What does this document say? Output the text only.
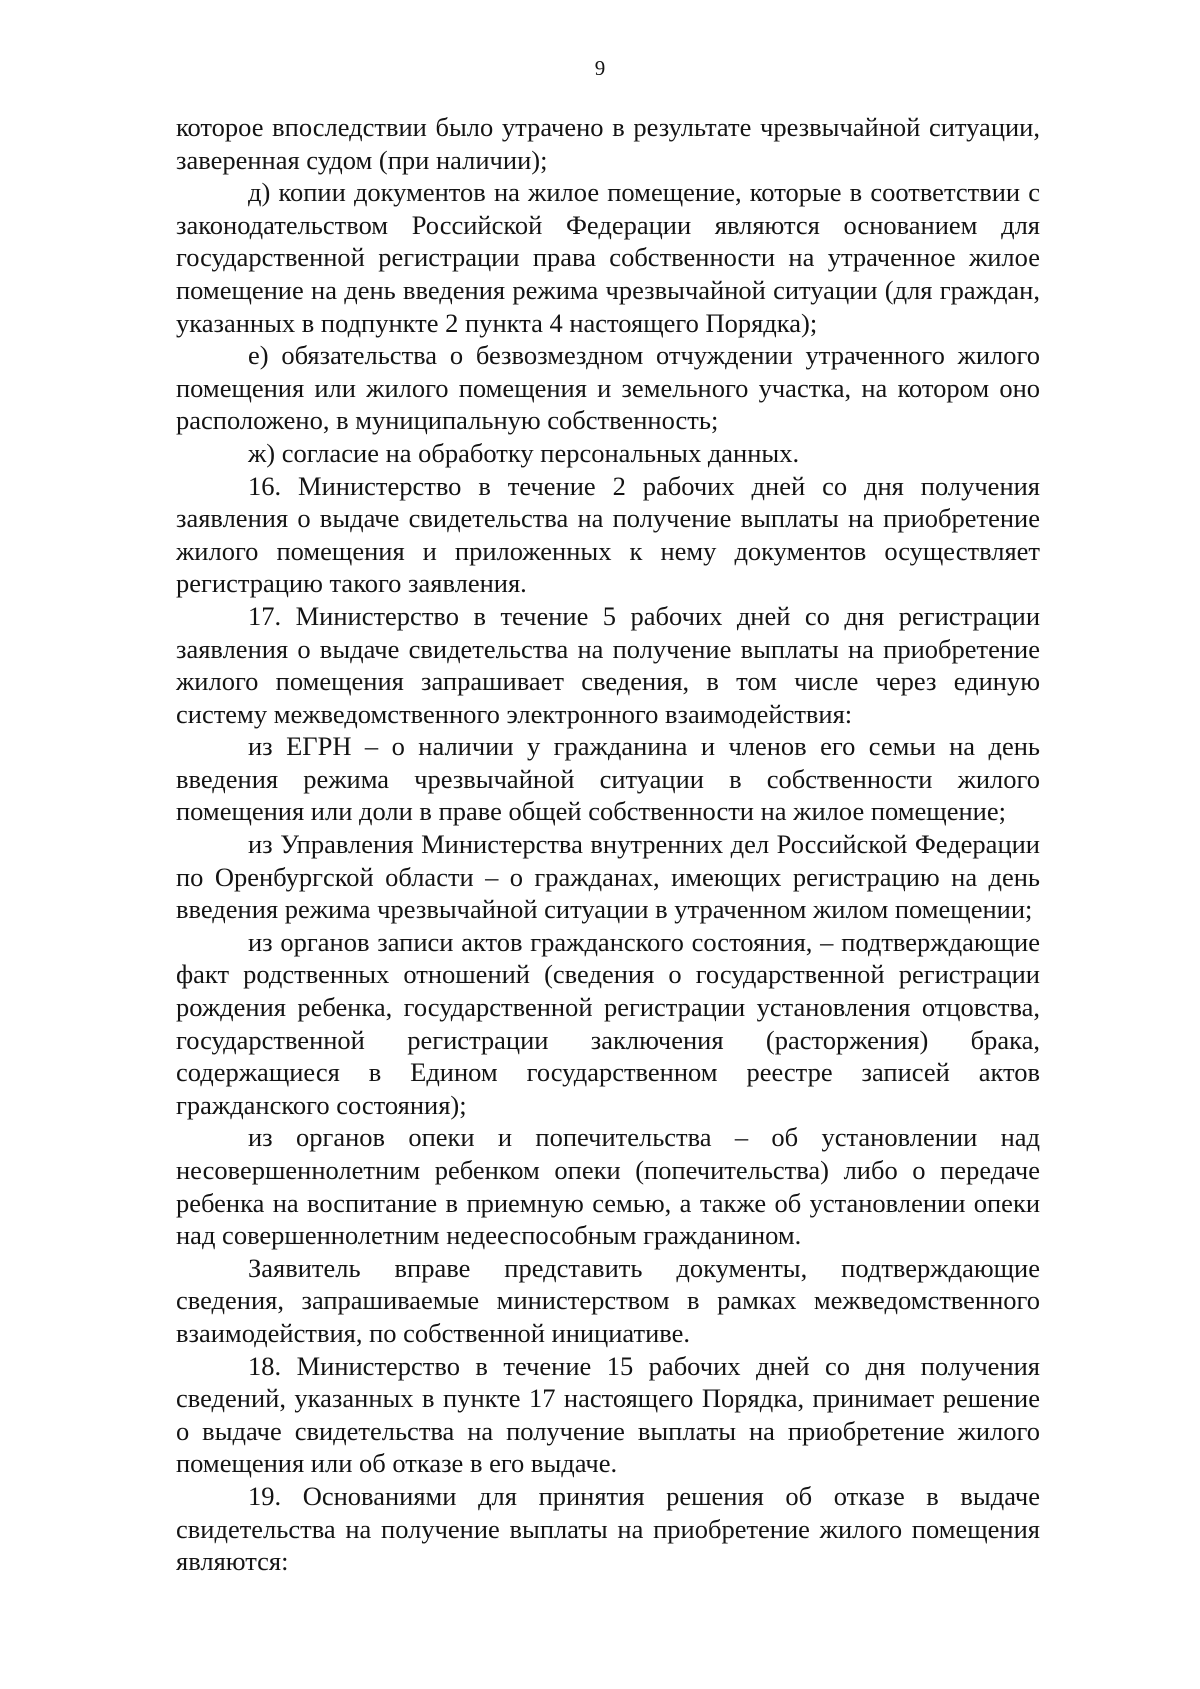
9

которое впоследствии было утрачено в результате чрезвычайной ситуации, заверенная судом (при наличии);

д) копии документов на жилое помещение, которые в соответствии с законодательством Российской Федерации являются основанием для государственной регистрации права собственности на утраченное жилое помещение на день введения режима чрезвычайной ситуации (для граждан, указанных в подпункте 2 пункта 4 настоящего Порядка);

е) обязательства о безвозмездном отчуждении утраченного жилого помещения или жилого помещения и земельного участка, на котором оно расположено, в муниципальную собственность;

ж) согласие на обработку персональных данных.

16. Министерство в течение 2 рабочих дней со дня получения заявления о выдаче свидетельства на получение выплаты на приобретение жилого помещения и приложенных к нему документов осуществляет регистрацию такого заявления.

17. Министерство в течение 5 рабочих дней со дня регистрации заявления о выдаче свидетельства на получение выплаты на приобретение жилого помещения запрашивает сведения, в том числе через единую систему межведомственного электронного взаимодействия:

из ЕГРН – о наличии у гражданина и членов его семьи на день введения режима чрезвычайной ситуации в собственности жилого помещения или доли в праве общей собственности на жилое помещение;

из Управления Министерства внутренних дел Российской Федерации по Оренбургской области – о гражданах, имеющих регистрацию на день введения режима чрезвычайной ситуации в утраченном жилом помещении;

из органов записи актов гражданского состояния, – подтверждающие факт родственных отношений (сведения о государственной регистрации рождения ребенка, государственной регистрации установления отцовства, государственной регистрации заключения (расторжения) брака, содержащиеся в Едином государственном реестре записей актов гражданского состояния);

из органов опеки и попечительства – об установлении над несовершеннолетним ребенком опеки (попечительства) либо о передаче ребенка на воспитание в приемную семью, а также об установлении опеки над совершеннолетним недееспособным гражданином.

Заявитель вправе представить документы, подтверждающие сведения, запрашиваемые министерством в рамках межведомственного взаимодействия, по собственной инициативе.

18. Министерство в течение 15 рабочих дней со дня получения сведений, указанных в пункте 17 настоящего Порядка, принимает решение о выдаче свидетельства на получение выплаты на приобретение жилого помещения или об отказе в его выдаче.

19. Основаниями для принятия решения об отказе в выдаче свидетельства на получение выплаты на приобретение жилого помещения являются:
